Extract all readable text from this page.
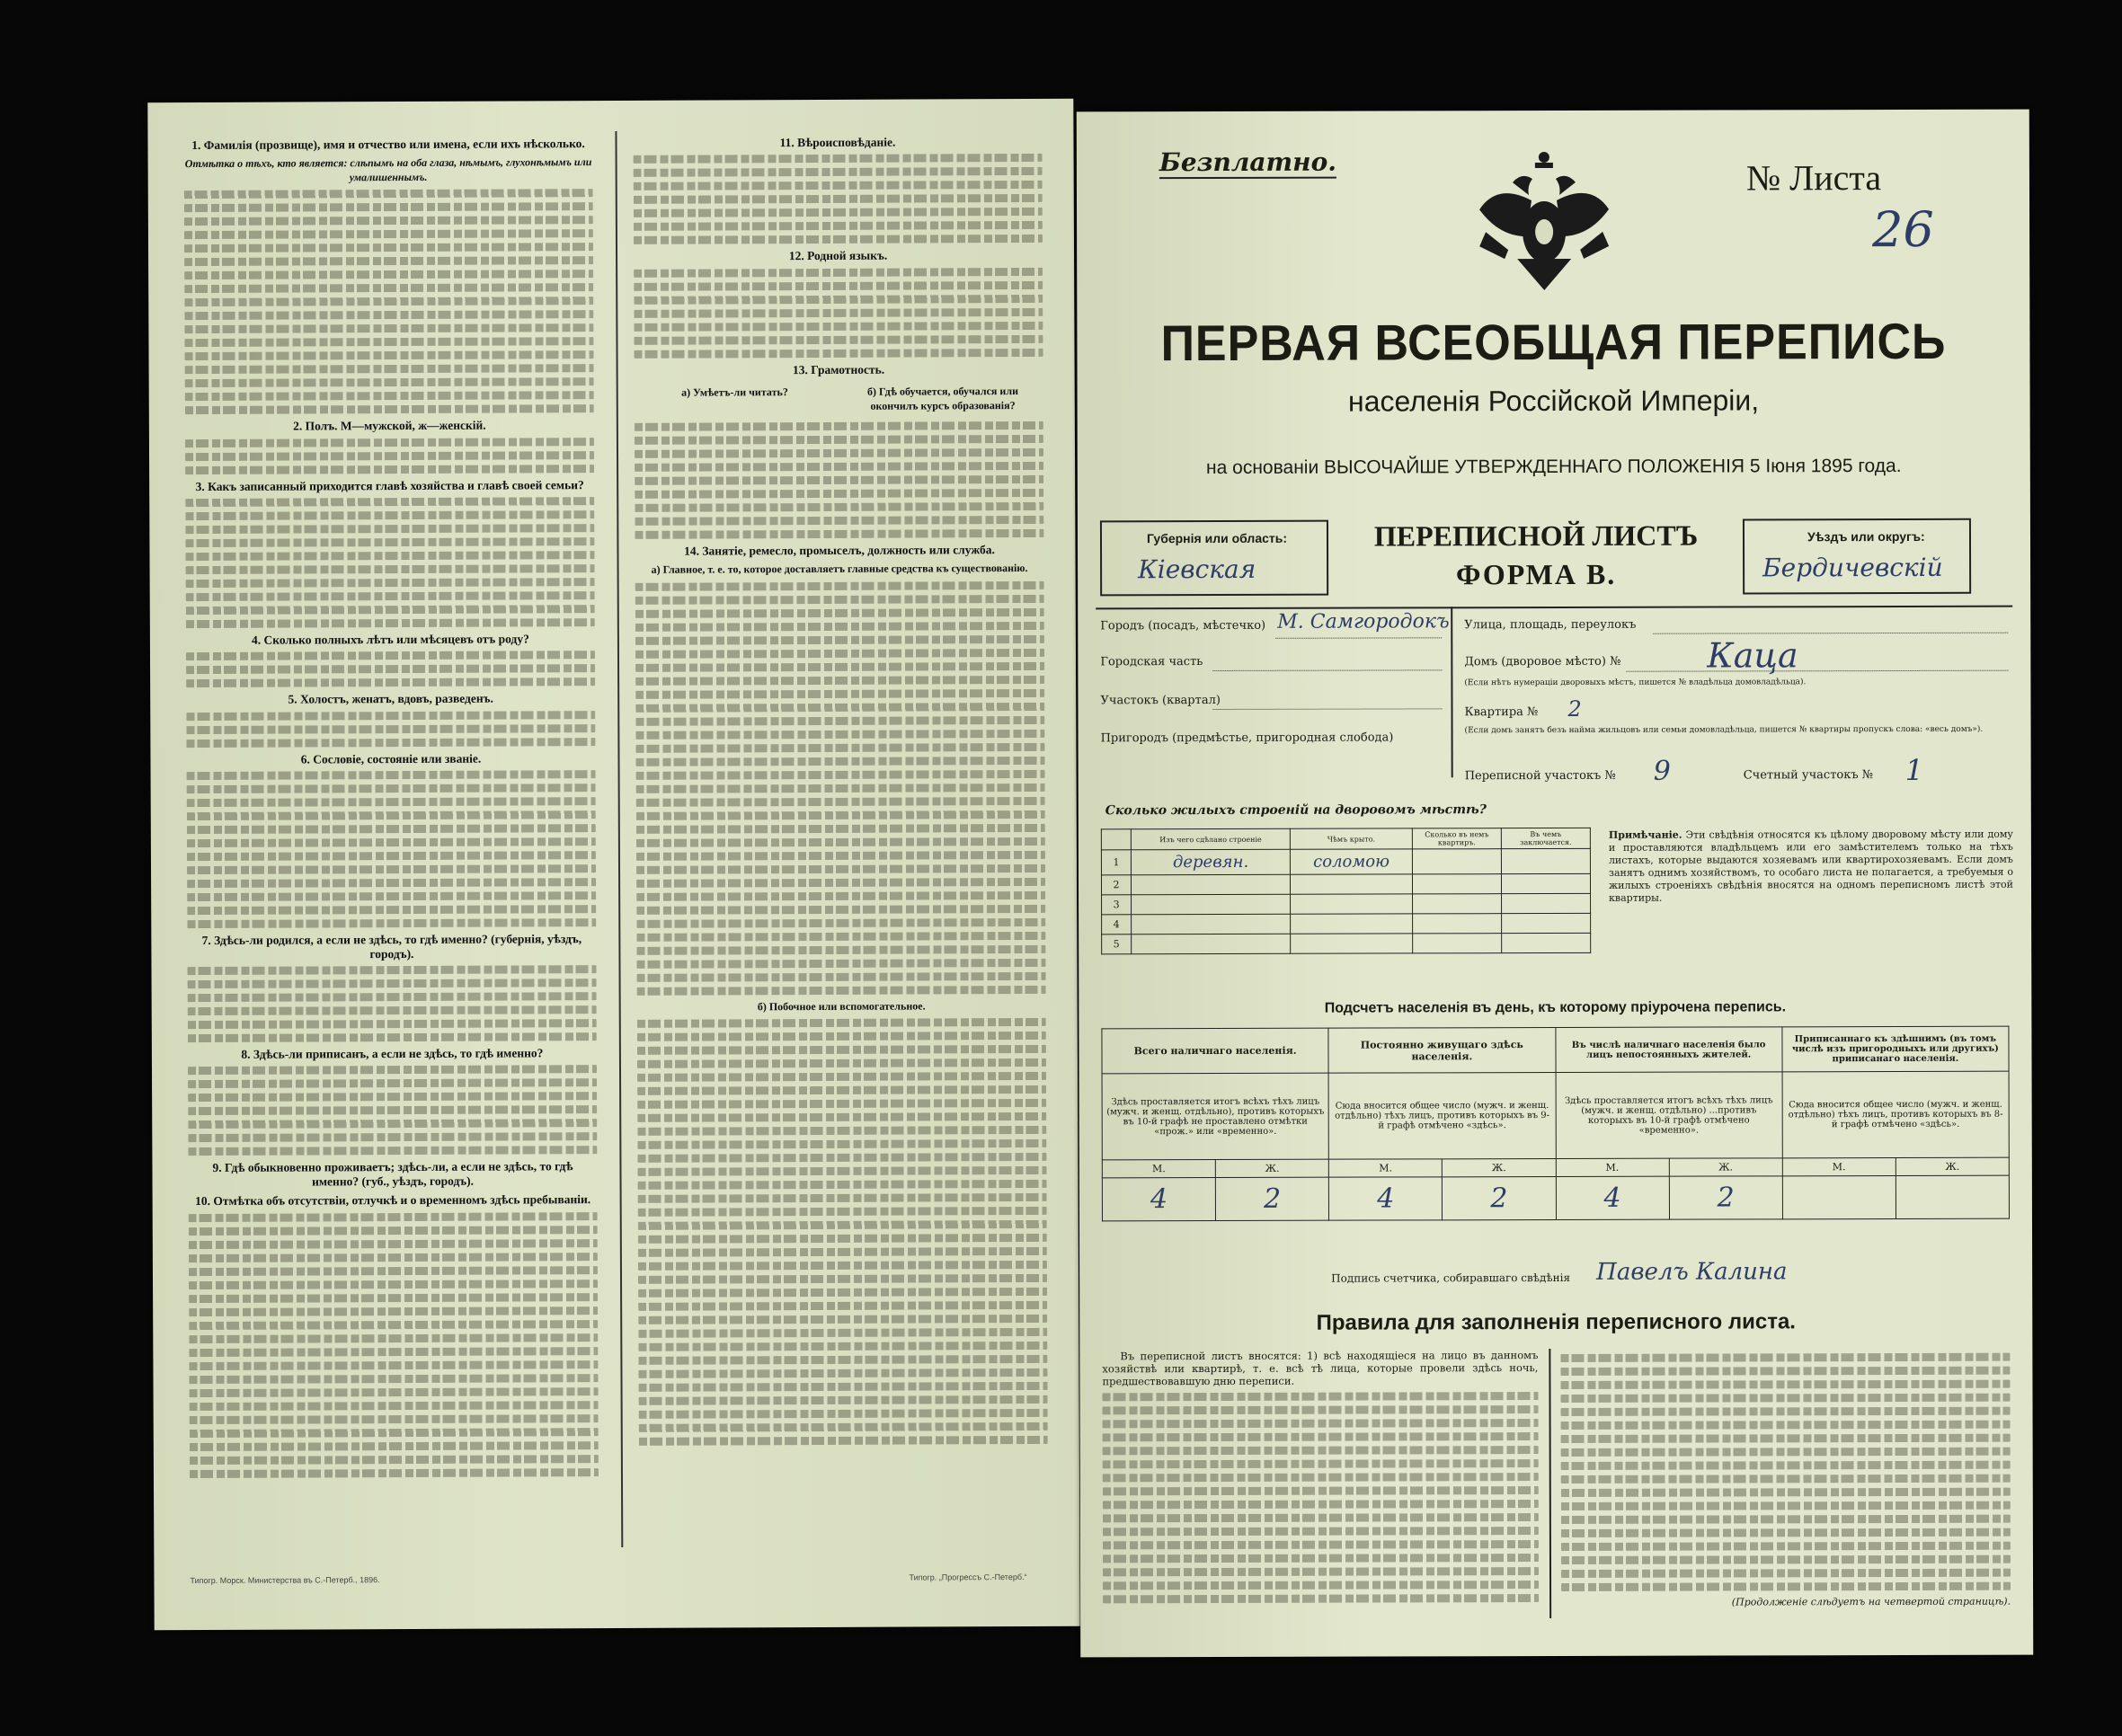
1. Фамилія (прозвище), имя и отчество или имена, если ихъ нѣсколько.

Отмѣтка о тѣхъ, кто является: слѣпымъ на оба глаза, нѣмымъ, глухонѣмымъ или умалишеннымъ.

2. Полъ. М—мужской, ж—женскій.

3. Какъ записанный приходится главѣ хозяйства и главѣ своей семьи?

4. Сколько полныхъ лѣтъ или мѣсяцевъ отъ роду?

5. Холостъ, женатъ, вдовъ, разведенъ.

6. Сословіе, состояніе или званіе.

7. Здѣсь-ли родился, а если не здѣсь, то гдѣ именно? (губернія, уѣздъ, городъ).

8. Здѣсь-ли приписанъ, а если не здѣсь, то гдѣ именно?

9. Гдѣ обыкновенно проживаетъ; здѣсь-ли, а если не здѣсь, то гдѣ именно? (губ., уѣздъ, городъ).

10. Отмѣтка объ отсутствіи, отлучкѣ и о временномъ здѣсь пребываніи.

11. Вѣроисповѣданіе.

12. Родной языкъ.

13. Грамотность.

а) Умѣетъ-ли читать?	б) Гдѣ обучается, обучался или окончилъ курсъ образованія?

14. Занятіе, ремесло, промыселъ, должность или служба.

а) Главное, т. е. то, которое доставляетъ главные средства къ существованію.

б) Побочное или вспомогательное.

Типогр. Морск. Министерства въ С.-Петерб., 1896.	Типогр. „Прогрессъ С.-Петерб.“
Безплатно.	№ Листа
26
ПЕРВАЯ ВСЕОБЩАЯ ПЕРЕПИСЬ
населенія Россійской Имперіи,
на основаніи ВЫСОЧАЙШЕ УТВЕРЖДЕННАГО ПОЛОЖЕНІЯ 5 Іюня 1895 года.
Губернія или область:
Кіевская
ПЕРЕПИСНОЙ ЛИСТЪ
ФОРМА В.
Уѣздъ или округъ:
Бердичевскій
Городъ (посадъ, мѣстечко) М. Самгородокъ
Городская часть
Участокъ (квартал)
Пригородъ (предмѣстье, пригородная слобода)
Улица, площадь, переулокъ
Домъ (дворовое мѣсто) №	Каца
(Если нѣтъ нумерацiи дворовыхъ мѣстъ, пишется № владѣльца домовладѣльца).
Квартира № 2
(Если домъ занятъ безъ найма жильцовъ или семьи домовладѣльца, пишется № квартиры пропускъ слова: «весь домъ»).
Переписной участокъ № 9	Счетный участокъ № 1
Сколько жилыхъ строеній на дворовомъ мѣстѣ?
	Изъ чего сдѣлано строеніе	Чѣмъ крыто.	Сколько въ немъ квартиръ.	Въ чемъ заключается.
1	деревян.	соломою		
2				
3				
4				
5				
Примѣчаніе. Эти свѣдѣнія относятся къ цѣлому дворовому мѣсту или дому и проставляются владѣльцемъ или его замѣстителемъ только на тѣхъ листахъ, которые выдаются хозяевамъ или квартирохозяевамъ. Если домъ занятъ однимъ хозяйствомъ, то особаго листа не полагается, а требуемыя о жилыхъ строеніяхъ свѣдѣнія вносятся на одномъ переписномъ листѣ этой квартиры.
Подсчетъ населенія въ день, къ которому пріурочена перепись.
Всего наличнаго населенія.		Постоянно живущаго здѣсь населенія.		Въ числѣ наличнаго населенія было лицъ непостоянныхъ жителей.		Приписаннаго къ здѣшнимъ (въ томъ числѣ изъ пригородныхъ или другихъ) приписанаго населенія.	
Здѣсь проставляется итогъ всѣхъ тѣхъ лицъ (мужч. и женщ. отдѣльно), противъ которыхъ въ 10-й графѣ не проставлено отмѣтки «прож.» или «временно».		Сюда вносится общее число (мужч. и женщ. отдѣльно) тѣхъ лицъ, противъ которыхъ въ 9-й графѣ отмѣчено «здѣсь».		Здѣсь проставляется итогъ всѣхъ тѣхъ лицъ (мужч. и женщ. отдѣльно) ...противъ которыхъ въ 10-й графѣ отмѣчено «временно».		Сюда вносится общее число (мужч. и женщ. отдѣльно) тѣхъ лицъ, противъ которыхъ въ 8-й графѣ отмѣчено «здѣсь».	
М.	Ж.	М.	Ж.	М.	Ж.	М.	Ж.
4	2	4	2	4	2		
Подпись счетчика, собиравшаго свѣдѣнія Павелъ Калина
Правила для заполненія переписного листа.

Въ переписной листъ вносятся: 1) всѣ находящіеся на лицо въ данномъ хозяйствѣ или квартирѣ, т. е. всѣ тѣ лица, которые провели здѣсь ночь, предшествовавшую дню переписи.

(Продолженіе слѣдуетъ на четвертой страницѣ).
